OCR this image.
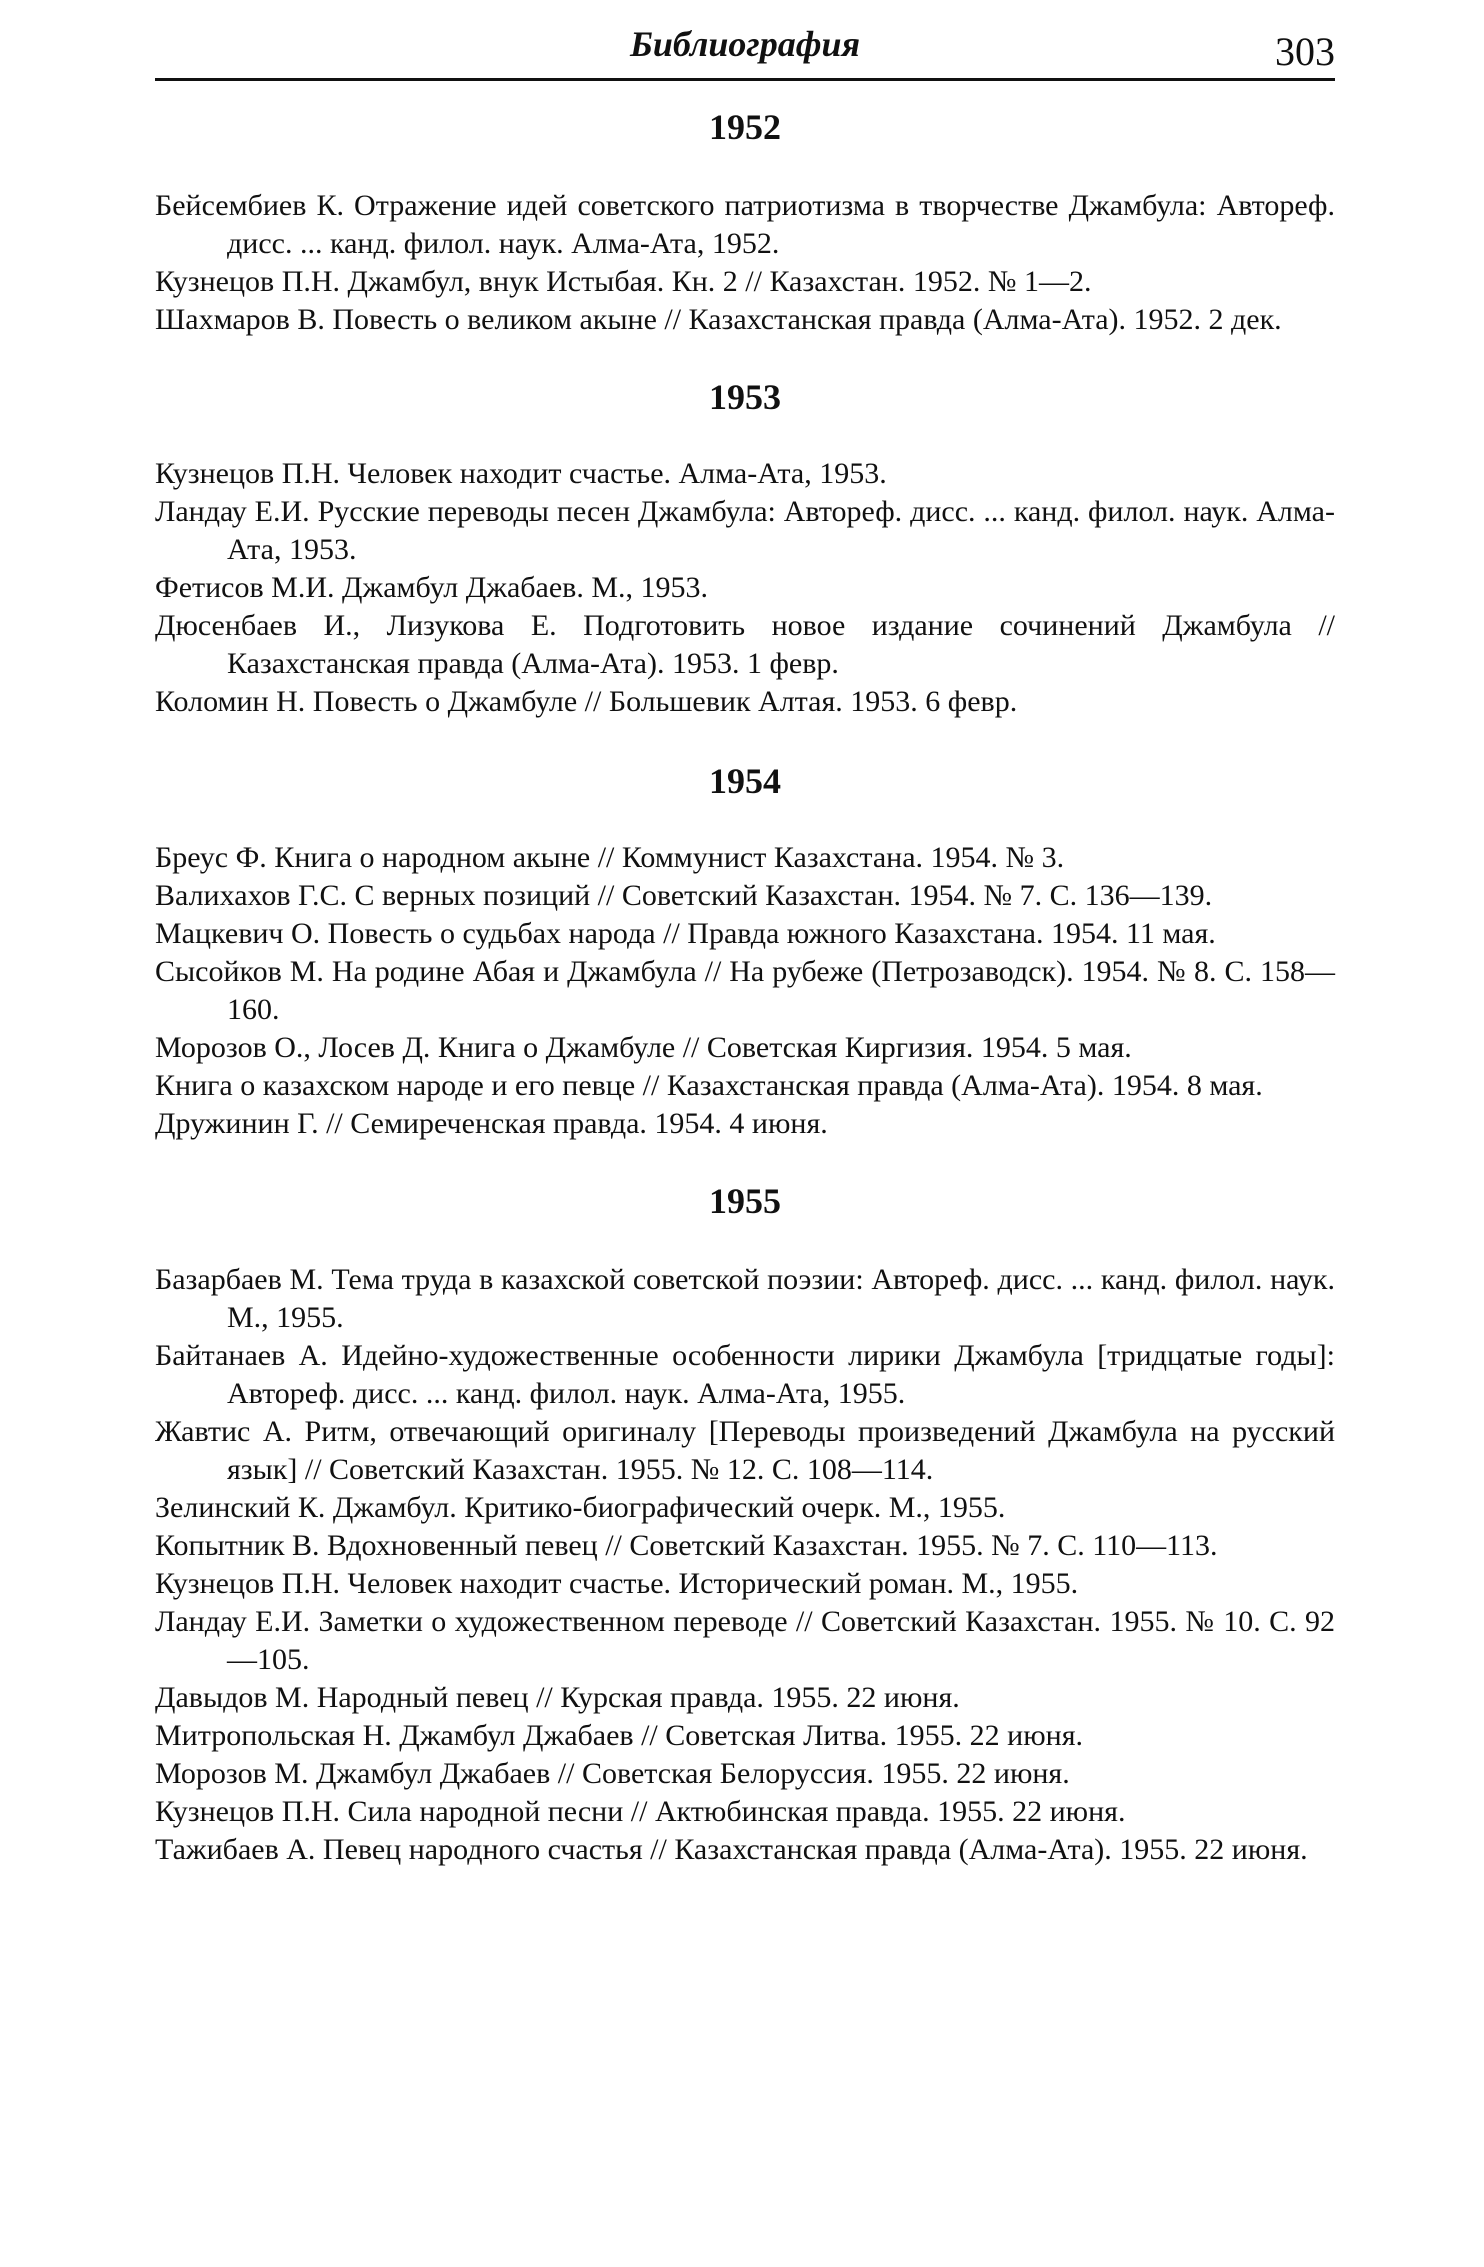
Библиография	303
1952
Бейсембиев К. Отражение идей советского патриотизма в творчестве Джамбула: Автореф. дисс. ... канд. филол. наук. Алма-Ата, 1952.
Кузнецов П.Н. Джамбул, внук Истыбая. Кн. 2 // Казахстан. 1952. № 1—2.
Шахмаров В. Повесть о великом акыне // Казахстанская правда (Алма-Ата). 1952. 2 дек.
1953
Кузнецов П.Н. Человек находит счастье. Алма-Ата, 1953.
Ландау Е.И. Русские переводы песен Джамбула: Автореф. дисс. ... канд. филол. наук. Алма-Ата, 1953.
Фетисов М.И. Джамбул Джабаев. М., 1953.
Дюсенбаев И., Лизукова Е. Подготовить новое издание сочинений Джамбула // Казахстанская правда (Алма-Ата). 1953. 1 февр.
Коломин Н. Повесть о Джамбуле // Большевик Алтая. 1953. 6 февр.
1954
Бреус Ф. Книга о народном акыне // Коммунист Казахстана. 1954. № 3.
Валихахов Г.С. С верных позиций // Советский Казахстан. 1954. № 7. С. 136—139.
Мацкевич О. Повесть о судьбах народа // Правда южного Казахстана. 1954. 11 мая.
Сысойков М. На родине Абая и Джамбула // На рубеже (Петрозаводск). 1954. № 8. С. 158—160.
Морозов О., Лосев Д. Книга о Джамбуле // Советская Киргизия. 1954. 5 мая.
Книга о казахском народе и его певце // Казахстанская правда (Алма-Ата). 1954. 8 мая.
Дружинин Г. // Семиреченская правда. 1954. 4 июня.
1955
Базарбаев М. Тема труда в казахской советской поэзии: Автореф. дисс. ... канд. филол. наук. М., 1955.
Байтанаев А. Идейно-художественные особенности лирики Джамбула [тридцатые годы]: Автореф. дисс. ... канд. филол. наук. Алма-Ата, 1955.
Жавтис А. Ритм, отвечающий оригиналу [Переводы произведений Джамбула на русский язык] // Советский Казахстан. 1955. № 12. С. 108—114.
Зелинский К. Джамбул. Критико-биографический очерк. М., 1955.
Копытник В. Вдохновенный певец // Советский Казахстан. 1955. № 7. С. 110—113.
Кузнецов П.Н. Человек находит счастье. Исторический роман. М., 1955.
Ландау Е.И. Заметки о художественном переводе // Советский Казахстан. 1955. № 10. С. 92—105.
Давыдов М. Народный певец // Курская правда. 1955. 22 июня.
Митропольская Н. Джамбул Джабаев // Советская Литва. 1955. 22 июня.
Морозов М. Джамбул Джабаев // Советская Белоруссия. 1955. 22 июня.
Кузнецов П.Н. Сила народной песни // Актюбинская правда. 1955. 22 июня.
Тажибаев А. Певец народного счастья // Казахстанская правда (Алма-Ата). 1955. 22 июня.
